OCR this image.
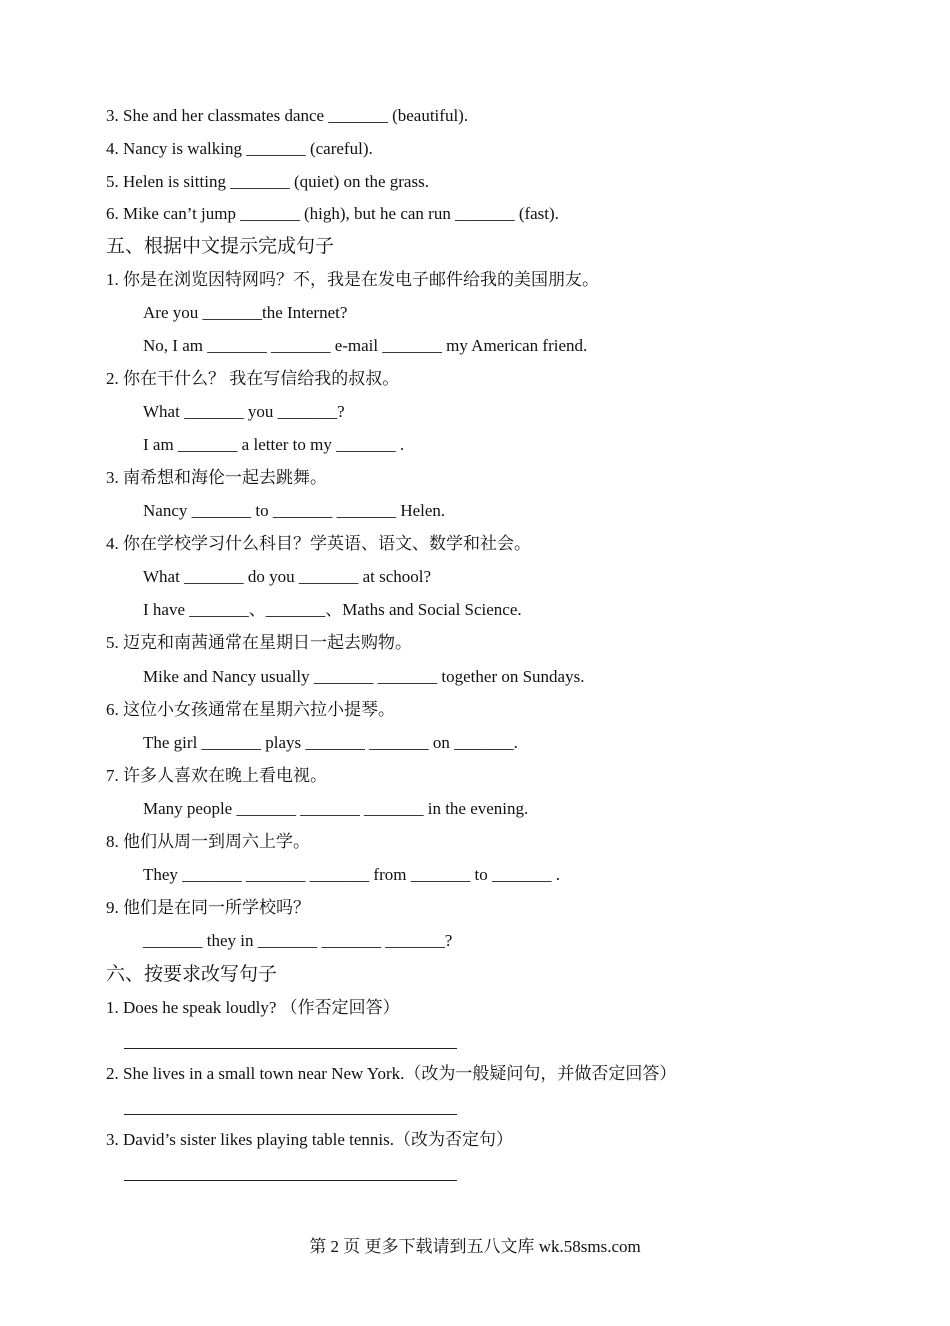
3. She and her classmates dance _______ (beautiful).
4. Nancy is walking _______ (careful).
5. Helen is sitting _______ (quiet) on the grass.
6. Mike can’t jump _______ (high), but he can run _______ (fast).
五、根据中文提示完成句子
1. 你是在浏览因特网吗？不，我是在发电子邮件给我的美国朋友。
Are you _______the Internet?
No, I am _______ _______ e-mail _______ my American friend.
2. 你在干什么？ 我在写信给我的叔叔。
What _______ you _______?
I am _______ a letter to my _______ .
3. 南希想和海伦一起去跳舞。
Nancy _______ to _______ _______ Helen.
4. 你在学校学习什么科目？学英语、语文、数学和社会。
What _______ do you _______ at school?
I have _______、_______、Maths and Social Science.
5. 迈克和南茜通常在星期日一起去购物。
Mike and Nancy usually _______ _______ together on Sundays.
6. 这位小女孩通常在星期六拉小提琴。
The girl _______ plays _______ _______ on _______.
7. 许多人喜欢在晚上看电视。
Many people _______ _______ _______ in the evening.
8. 他们从周一到周六上学。
They _______ _______ _______ from _______ to _______ .
9. 他们是在同一所学校吗？
_______ they in _______ _______ _______?
六、按要求改写句子
1. Does he speak loudly? （作否定回答）
2. She lives in a small town near New York.（改为一般疑问句，并做否定回答）
3. David’s sister likes playing table tennis.（改为否定句）
第 2 页 更多下载请到五八文库 wk.58sms.com
